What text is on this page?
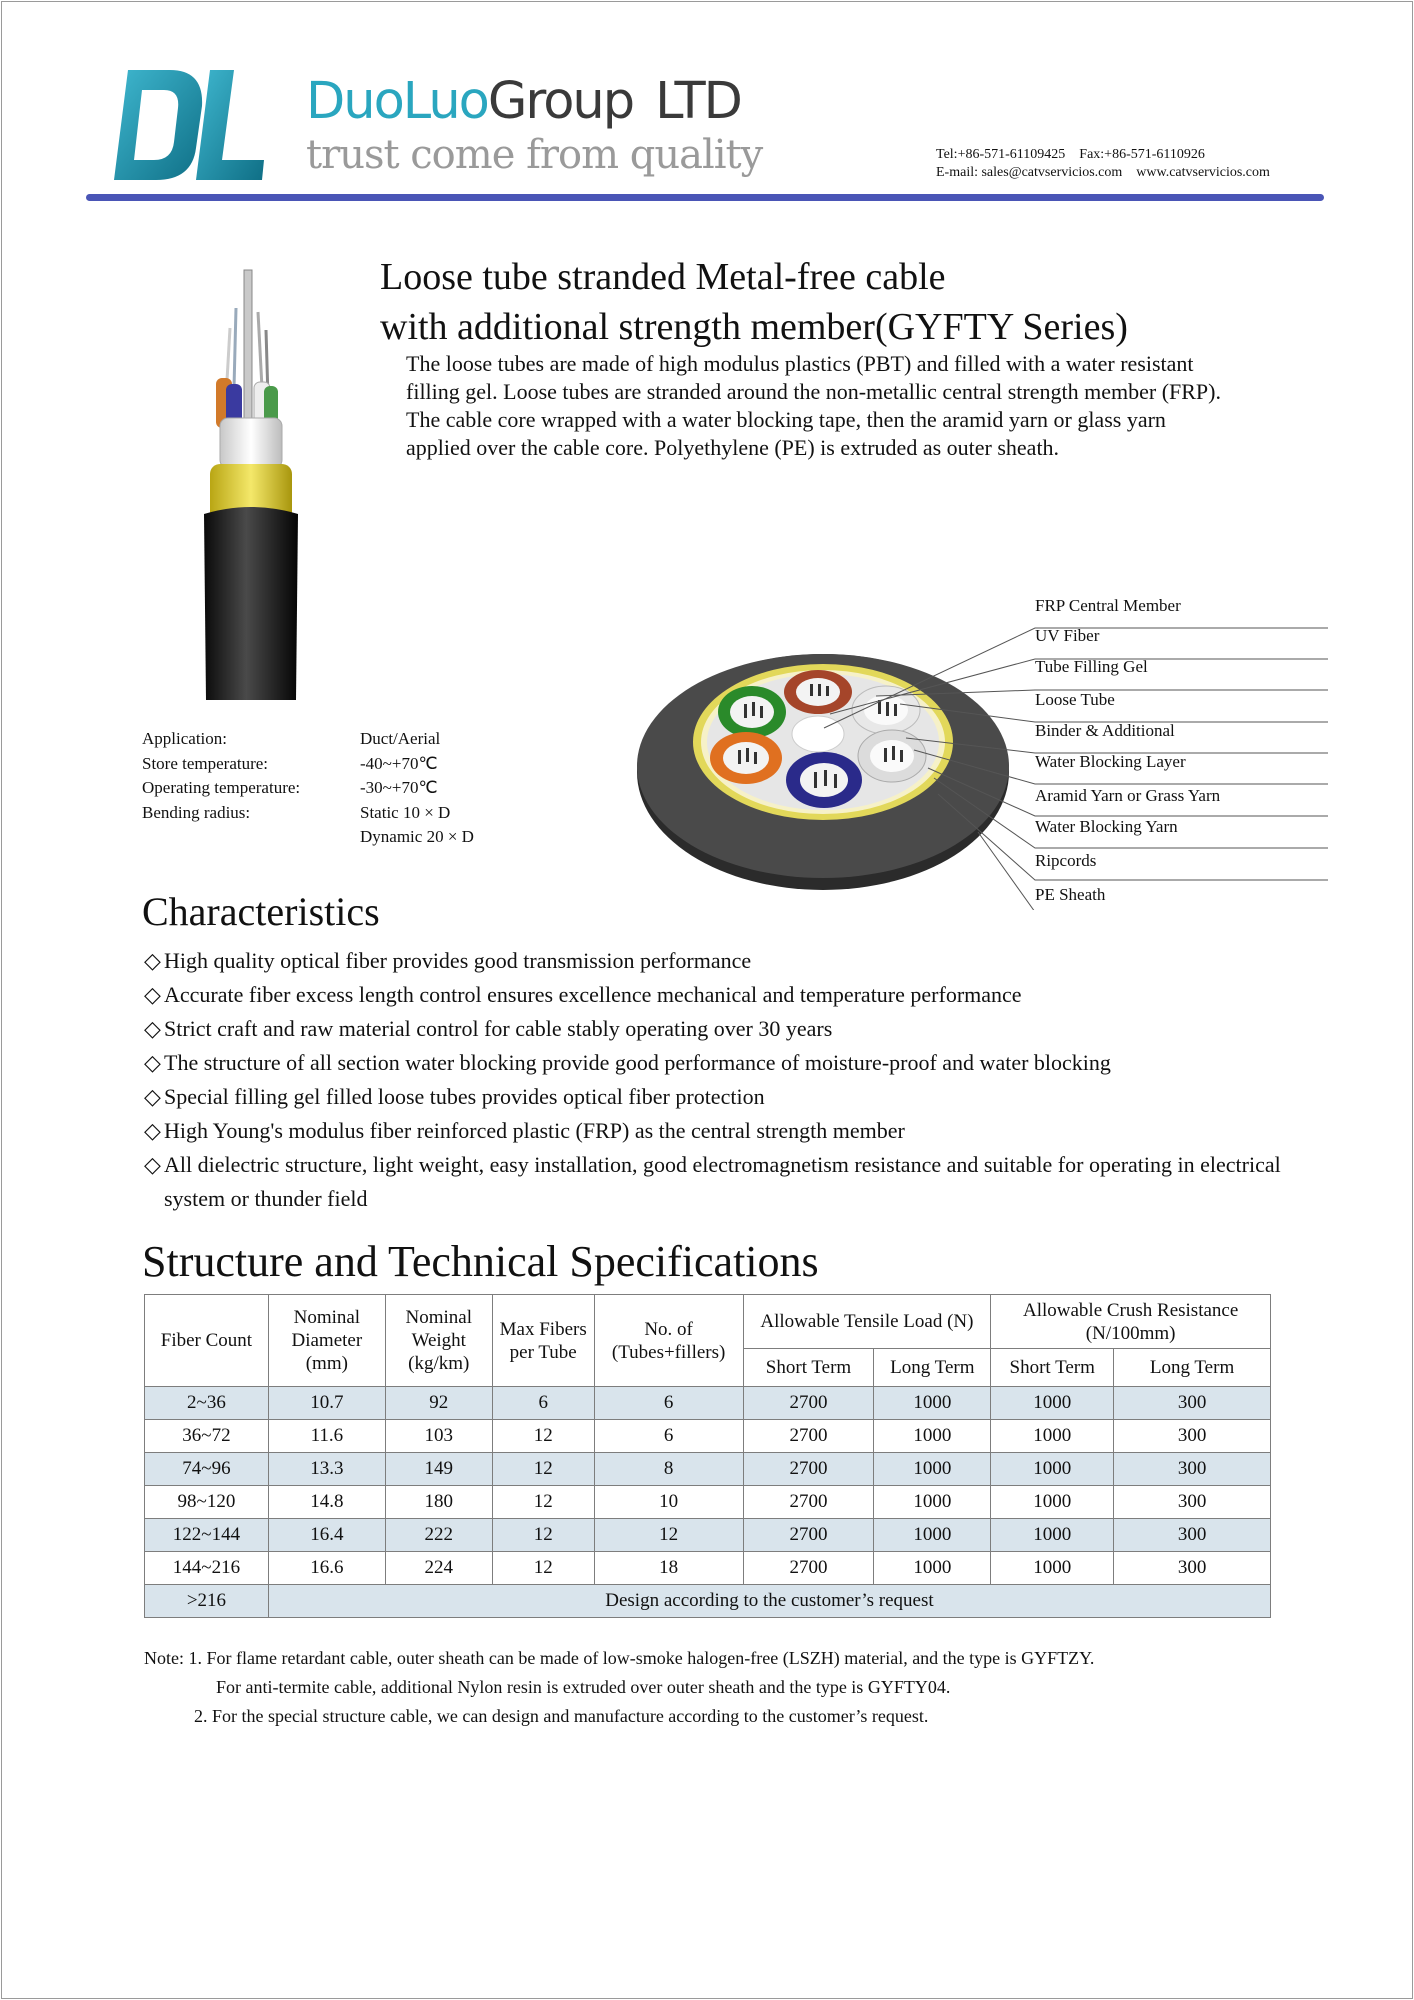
DuoLuoGroup LTD
trust come from quality	Tel:+86-571-61109425 Fax:+86-571-6110926
E-mail: sales@catvservicios.com www.catvservicios.com
Loose tube stranded Metal-free cable
with additional strength member(GYFTY Series)
The loose tubes are made of high modulus plastics (PBT) and filled with a water resistant filling gel. Loose tubes are stranded around the non-metallic central strength member (FRP). The cable core wrapped with a water blocking tape, then the aramid yarn or glass yarn applied over the cable core. Polyethylene (PE) is extruded as outer sheath.
Application:	Duct/Aerial
Store temperature:	-40~+70℃
Operating temperature:	-30~+70℃
Bending radius:	Static 10 × D
	Dynamic 20 × D
FRP Central Member
UV Fiber
Tube Filling Gel
Loose Tube
Binder & Additional
Water Blocking Layer
Aramid Yarn or Grass Yarn
Water Blocking Yarn
Ripcords
PE Sheath
Characteristics
◇ High quality optical fiber provides good transmission performance
◇ Accurate fiber excess length control ensures excellence mechanical and temperature performance
◇ Strict craft and raw material control for cable stably operating over 30 years
◇ The structure of all section water blocking provide good performance of moisture-proof and water blocking
◇ Special filling gel filled loose tubes provides optical fiber protection
◇ High Young's modulus fiber reinforced plastic (FRP) as the central strength member
◇ All dielectric structure, light weight, easy installation, good electromagnetism resistance and suitable for operating in electrical system or thunder field
Structure and Technical Specifications
Fiber Count	Nominal Diameter (mm)	Nominal Weight (kg/km)	Max Fibers per Tube	No. of (Tubes+fillers)	Allowable Tensile Load (N)		Allowable Crush Resistance (N/100mm)	
					Short Term	Long Term	Short Term	Long Term
2~36	10.7	92	6	6	2700	1000	1000	300
36~72	11.6	103	12	6	2700	1000	1000	300
74~96	13.3	149	12	8	2700	1000	1000	300
98~120	14.8	180	12	10	2700	1000	1000	300
122~144	16.4	222	12	12	2700	1000	1000	300
144~216	16.6	224	12	18	2700	1000	1000	300
>216	Design according to the customer’s request							
Note: 1. For flame retardant cable, outer sheath can be made of low-smoke halogen-free (LSZH) material, and the type is GYFTZY.
For anti-termite cable, additional Nylon resin is extruded over outer sheath and the type is GYFTY04.
2. For the special structure cable, we can design and manufacture according to the customer’s request.
